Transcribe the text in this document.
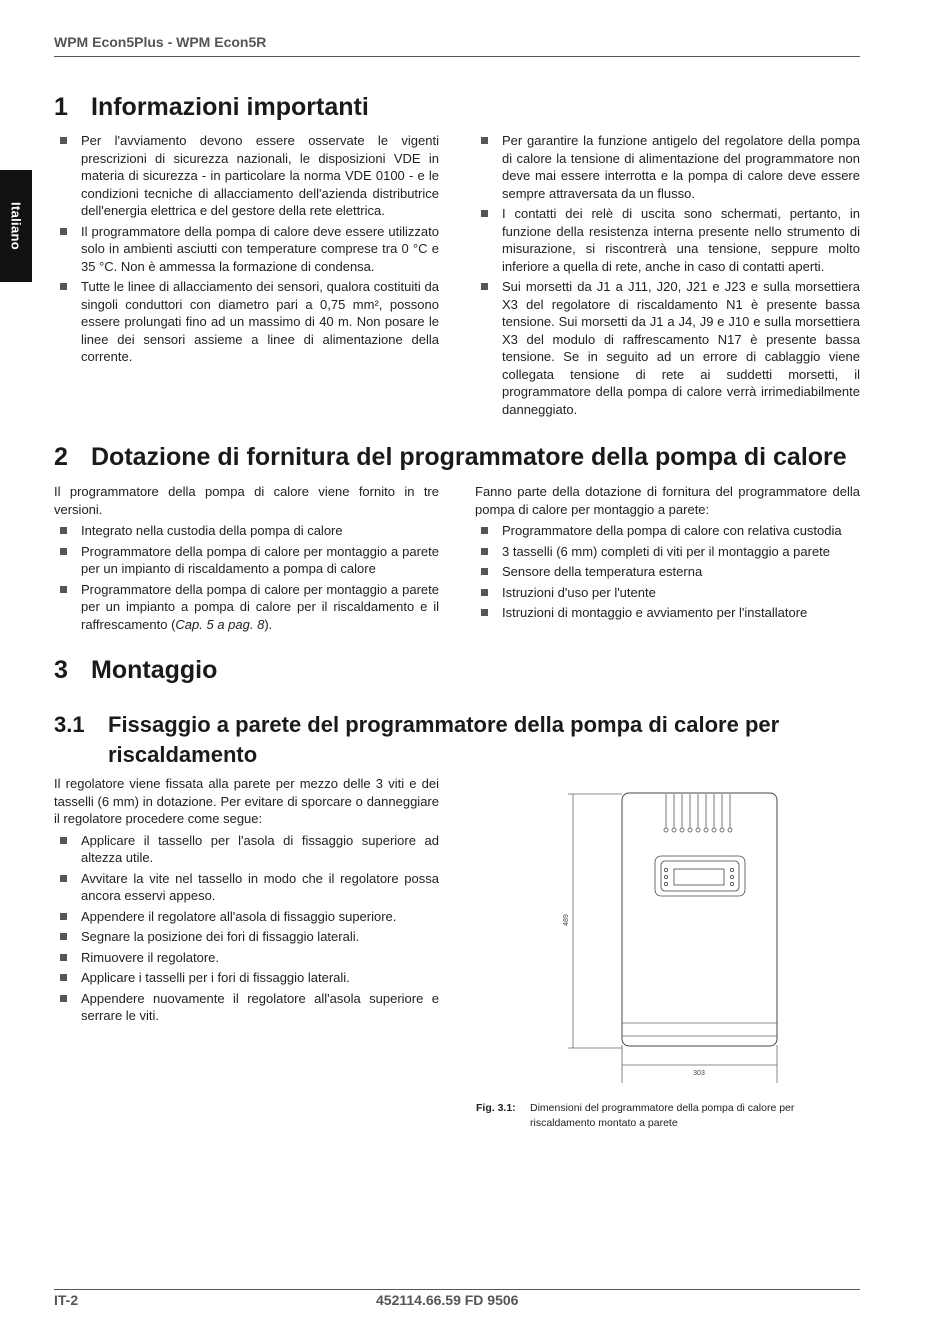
WPM Econ5Plus - WPM Econ5R
Italiano
1 Informazioni importanti
Per l'avviamento devono essere osservate le vigenti prescrizioni di sicurezza nazionali, le disposizioni VDE in materia di sicurezza - in particolare la norma VDE 0100 - e le condizioni tecniche di allacciamento dell'azienda distributrice dell'energia elettrica e del gestore della rete elettrica.
Il programmatore della pompa di calore deve essere utilizzato solo in ambienti asciutti con temperature comprese tra 0 °C e 35 °C. Non è ammessa la formazione di condensa.
Tutte le linee di allacciamento dei sensori, qualora costituiti da singoli conduttori con diametro pari a 0,75 mm², possono essere prolungati fino ad un massimo di 40 m. Non posare le linee dei sensori assieme a linee di alimentazione della corrente.
Per garantire la funzione antigelo del regolatore della pompa di calore la tensione di alimentazione del programmatore non deve mai essere interrotta e la pompa di calore deve essere sempre attraversata da un flusso.
I contatti dei relè di uscita sono schermati, pertanto, in funzione della resistenza interna presente nello strumento di misurazione, si riscontrerà una tensione, seppure molto inferiore a quella di rete, anche in caso di contatti aperti.
Sui morsetti da J1 a J11, J20, J21 e J23 e sulla morsettiera X3 del regolatore di riscaldamento N1 è presente bassa tensione. Sui morsetti da J1 a J4, J9 e J10 e sulla morsettiera X3 del modulo di raffrescamento N17 è presente bassa tensione. Se in seguito ad un errore di cablaggio viene collegata tensione di rete ai suddetti morsetti, il programmatore della pompa di calore verrà irrimediabilmente danneggiato.
2 Dotazione di fornitura del programmatore della pompa di calore

Il programmatore della pompa di calore viene fornito in tre versioni.

Integrato nella custodia della pompa di calore
Programmatore della pompa di calore per montaggio a parete per un impianto di riscaldamento a pompa di calore
Programmatore della pompa di calore per montaggio a parete per un impianto a pompa di calore per il riscaldamento e il raffrescamento (Cap. 5 a pag. 8).

Fanno parte della dotazione di fornitura del programmatore della pompa di calore per montaggio a parete:

Programmatore della pompa di calore con relativa custodia
3 tasselli (6 mm) completi di viti per il montaggio a parete
Sensore della temperatura esterna
Istruzioni d'uso per l'utente
Istruzioni di montaggio e avviamento per l'installatore
3 Montaggio
3.1 Fissaggio a parete del programmatore della pompa di calore per riscaldamento

Il regolatore viene fissata alla parete per mezzo delle 3 viti e dei tasselli (6 mm) in dotazione. Per evitare di sporcare o danneggiare il regolatore procedere come segue:

Applicare il tassello per l'asola di fissaggio superiore ad altezza utile.
Avvitare la vite nel tassello in modo che il regolatore possa ancora esservi appeso.
Appendere il regolatore all'asola di fissaggio superiore.
Segnare la posizione dei fori di fissaggio laterali.
Rimuovere il regolatore.
Applicare i tasselli per i fori di fissaggio laterali.
Appendere nuovamente il regolatore all'asola superiore e serrare le viti.
489
303
Fig. 3.1: Dimensioni del programmatore della pompa di calore per riscaldamento montato a parete
IT-2	452114.66.59 FD 9506
